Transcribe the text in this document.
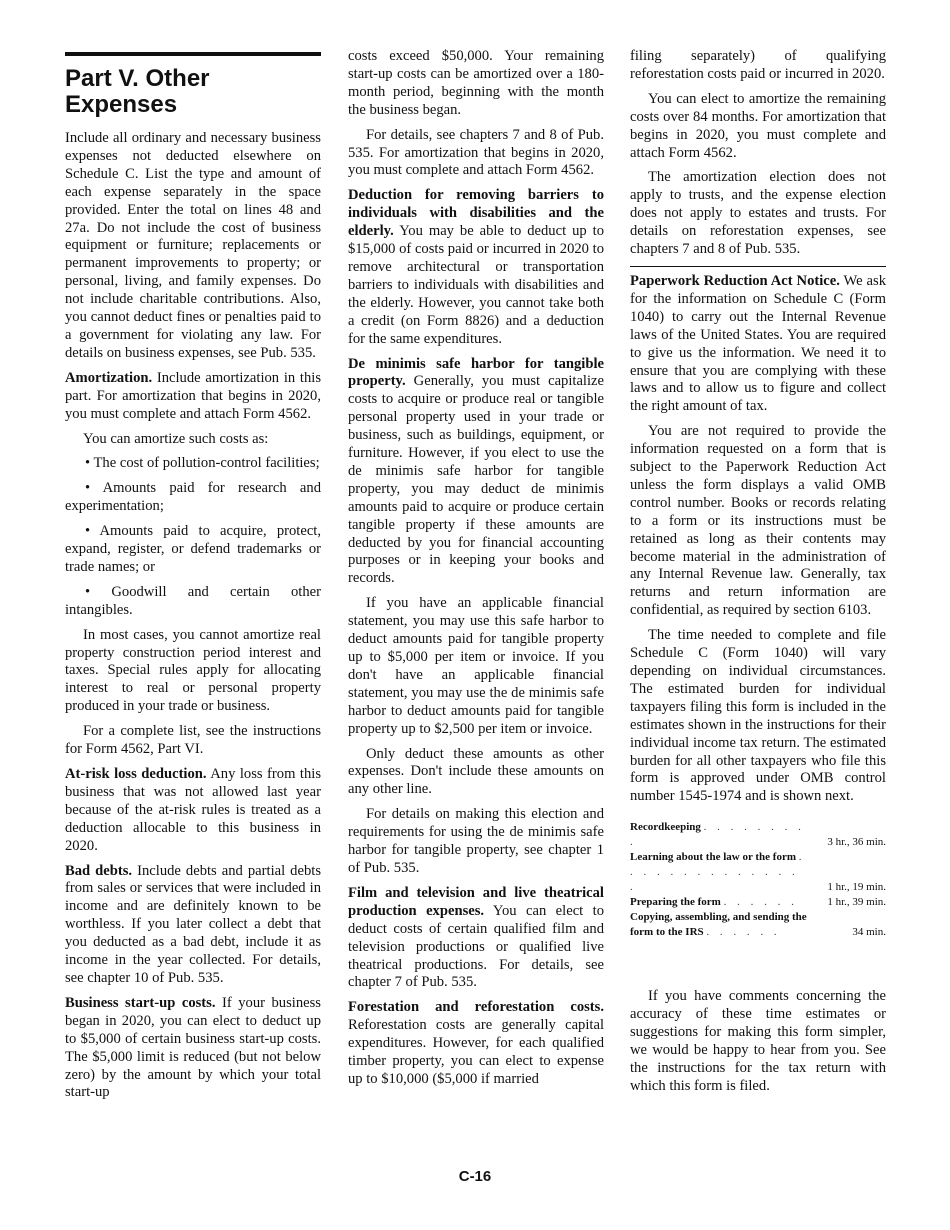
Part V. Other Expenses

Include all ordinary and necessary business expenses not deducted elsewhere on Schedule C. List the type and amount of each expense separately in the space provided. Enter the total on lines 48 and 27a. Do not include the cost of business equipment or furniture; replacements or permanent improvements to property; or personal, living, and family expenses. Do not include charitable contributions. Also, you cannot deduct fines or penalties paid to a government for violating any law. For details on business expenses, see Pub. 535.

Amortization. Include amortization in this part. For amortization that begins in 2020, you must complete and attach Form 4562.

You can amortize such costs as:

• The cost of pollution-control facilities;

• Amounts paid for research and experimentation;

• Amounts paid to acquire, protect, expand, register, or defend trademarks or trade names; or

• Goodwill and certain other intangibles.

In most cases, you cannot amortize real property construction period interest and taxes. Special rules apply for allocating interest to real or personal property produced in your trade or business.

For a complete list, see the instructions for Form 4562, Part VI.

At-risk loss deduction. Any loss from this business that was not allowed last year because of the at-risk rules is treated as a deduction allocable to this business in 2020.

Bad debts. Include debts and partial debts from sales or services that were included in income and are definitely known to be worthless. If you later collect a debt that you deducted as a bad debt, include it as income in the year collected. For details, see chapter 10 of Pub. 535.

Business start-up costs. If your business began in 2020, you can elect to deduct up to $5,000 of certain business start-up costs. The $5,000 limit is reduced (but not below zero) by the amount by which your total start-up

costs exceed $50,000. Your remaining start-up costs can be amortized over a 180-month period, beginning with the month the business began.

For details, see chapters 7 and 8 of Pub. 535. For amortization that begins in 2020, you must complete and attach Form 4562.

Deduction for removing barriers to individuals with disabilities and the elderly. You may be able to deduct up to $15,000 of costs paid or incurred in 2020 to remove architectural or transportation barriers to individuals with disabilities and the elderly. However, you cannot take both a credit (on Form 8826) and a deduction for the same expenditures.

De minimis safe harbor for tangible property. Generally, you must capitalize costs to acquire or produce real or tangible personal property used in your trade or business, such as buildings, equipment, or furniture. However, if you elect to use the de minimis safe harbor for tangible property, you may deduct de minimis amounts paid to acquire or produce certain tangible property if these amounts are deducted by you for financial accounting purposes or in keeping your books and records.

If you have an applicable financial statement, you may use this safe harbor to deduct amounts paid for tangible property up to $5,000 per item or invoice. If you don't have an applicable financial statement, you may use the de minimis safe harbor to deduct amounts paid for tangible property up to $2,500 per item or invoice.

Only deduct these amounts as other expenses. Don't include these amounts on any other line.

For details on making this election and requirements for using the de minimis safe harbor for tangible property, see chapter 1 of Pub. 535.

Film and television and live theatrical production expenses. You can elect to deduct costs of certain qualified film and television productions or qualified live theatrical productions. For details, see chapter 7 of Pub. 535.

Forestation and reforestation costs. Reforestation costs are generally capital expenditures. However, for each qualified timber property, you can elect to expense up to $10,000 ($5,000 if married

filing separately) of qualifying reforestation costs paid or incurred in 2020.

You can elect to amortize the remaining costs over 84 months. For amortization that begins in 2020, you must complete and attach Form 4562.

The amortization election does not apply to trusts, and the expense election does not apply to estates and trusts. For details on reforestation expenses, see chapters 7 and 8 of Pub. 535.

Paperwork Reduction Act Notice. We ask for the information on Schedule C (Form 1040) to carry out the Internal Revenue laws of the United States. You are required to give us the information. We need it to ensure that you are complying with these laws and to allow us to figure and collect the right amount of tax.

You are not required to provide the information requested on a form that is subject to the Paperwork Reduction Act unless the form displays a valid OMB control number. Books or records relating to a form or its instructions must be retained as long as their contents may become material in the administration of any Internal Revenue law. Generally, tax returns and return information are confidential, as required by section 6103.

The time needed to complete and file Schedule C (Form 1040) will vary depending on individual circumstances. The estimated burden for individual taxpayers filing this form is included in the estimates shown in the instructions for their individual income tax return. The estimated burden for all other taxpayers who file this form is approved under OMB control number 1545-1974 and is shown next.

Recordkeeping . . . . . . . . .	3 hr., 36 min.
Learning about the law or the form . . . . . . . . . . . . . . .	1 hr., 19 min.
Preparing the form . . . . . .	1 hr., 39 min.
Copying, assembling, and sending the form to the IRS . . . . . .	34 min.

If you have comments concerning the accuracy of these time estimates or suggestions for making this form simpler, we would be happy to hear from you. See the instructions for the tax return with which this form is filed.

C-16
